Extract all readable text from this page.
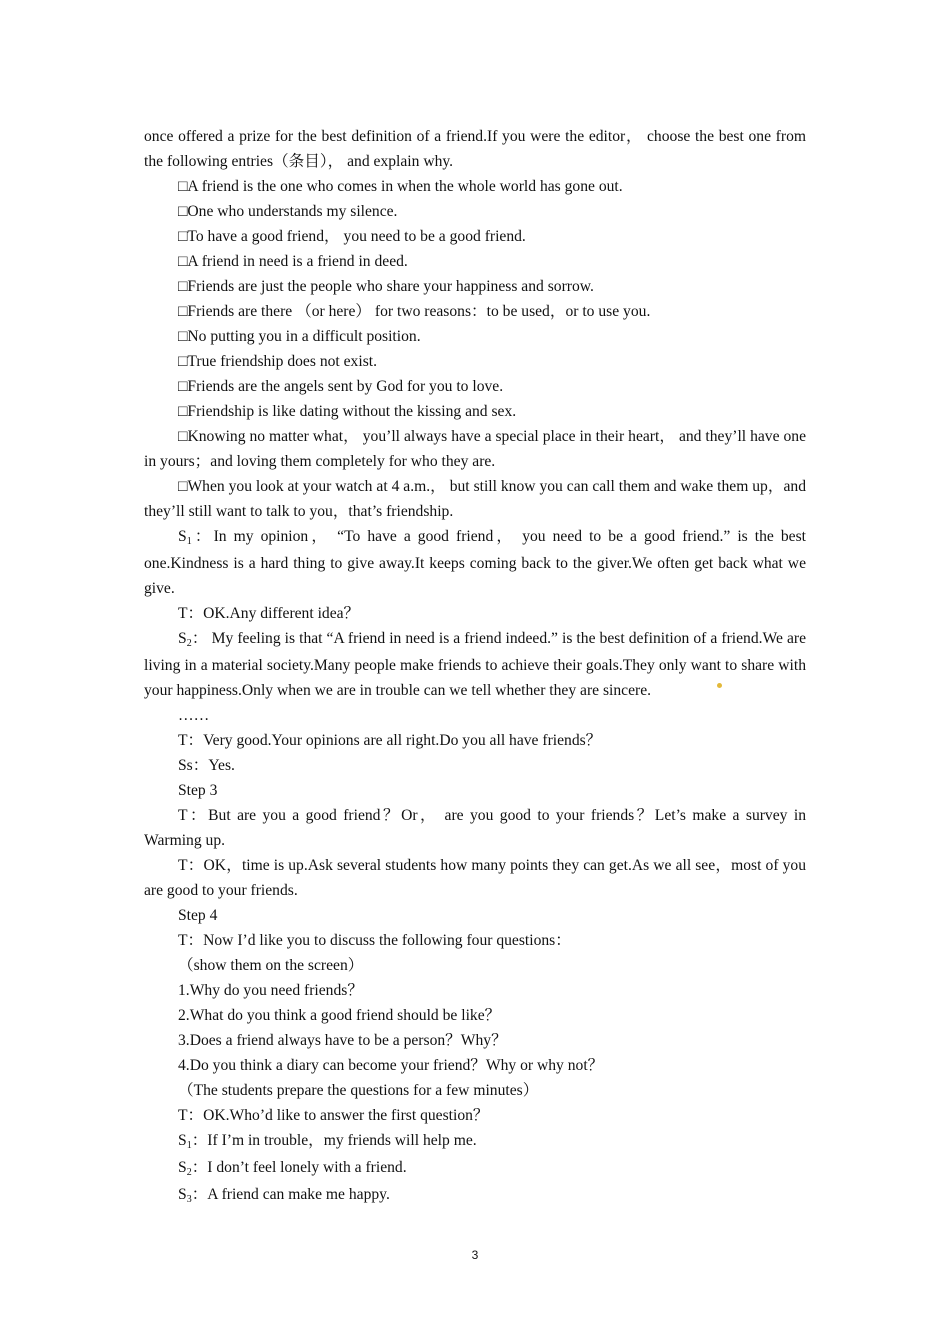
once offered a prize for the best definition of a friend.If you were the editor， choose the best one from the following entries（条目）， and explain why.

□A friend is the one who comes in when the whole world has gone out.

□One who understands my silence.

□To have a good friend， you need to be a good friend.

□A friend in need is a friend in deed.

□Friends are just the people who share your happiness and sorrow.

□Friends are there （or here） for two reasons：to be used，or to use you.

□No putting you in a difficult position.

□True friendship does not exist.

□Friends are the angels sent by God for you to love.

□Friendship is like dating without the kissing and sex.

□Knowing no matter what， you’ll always have a special place in their heart， and they’ll have one in yours；and loving them completely for who they are.

□When you look at your watch at 4 a.m.， but still know you can call them and wake them up，and they’ll still want to talk to you，that’s friendship.

S1：In my opinion， “To have a good friend， you need to be a good friend.” is the best one.Kindness is a hard thing to give away.It keeps coming back to the giver.We often get back what we give.

T：OK.Any different idea？

S2： My feeling is that “A friend in need is a friend indeed.” is the best definition of a friend.We are living in a material society.Many people make friends to achieve their goals.They only want to share with your happiness.Only when we are in trouble can we tell whether they are sincere.

……

T：Very good.Your opinions are all right.Do you all have friends？

Ss：Yes.

Step 3

T：But are you a good friend？Or， are you good to your friends？Let’s make a survey in Warming up.

T：OK，time is up.Ask several students how many points they can get.As we all see，most of you are good to your friends.

Step 4

T：Now I’d like you to discuss the following four questions：

（show them on the screen）

1.Why do you need friends？

2.What do you think a good friend should be like？

3.Does a friend always have to be a person？Why？

4.Do you think a diary can become your friend？Why or why not？

（The students prepare the questions for a few minutes）

T：OK.Who’d like to answer the first question？

S1：If I’m in trouble，my friends will help me.

S2：I don’t feel lonely with a friend.

S3：A friend can make me happy.

3
